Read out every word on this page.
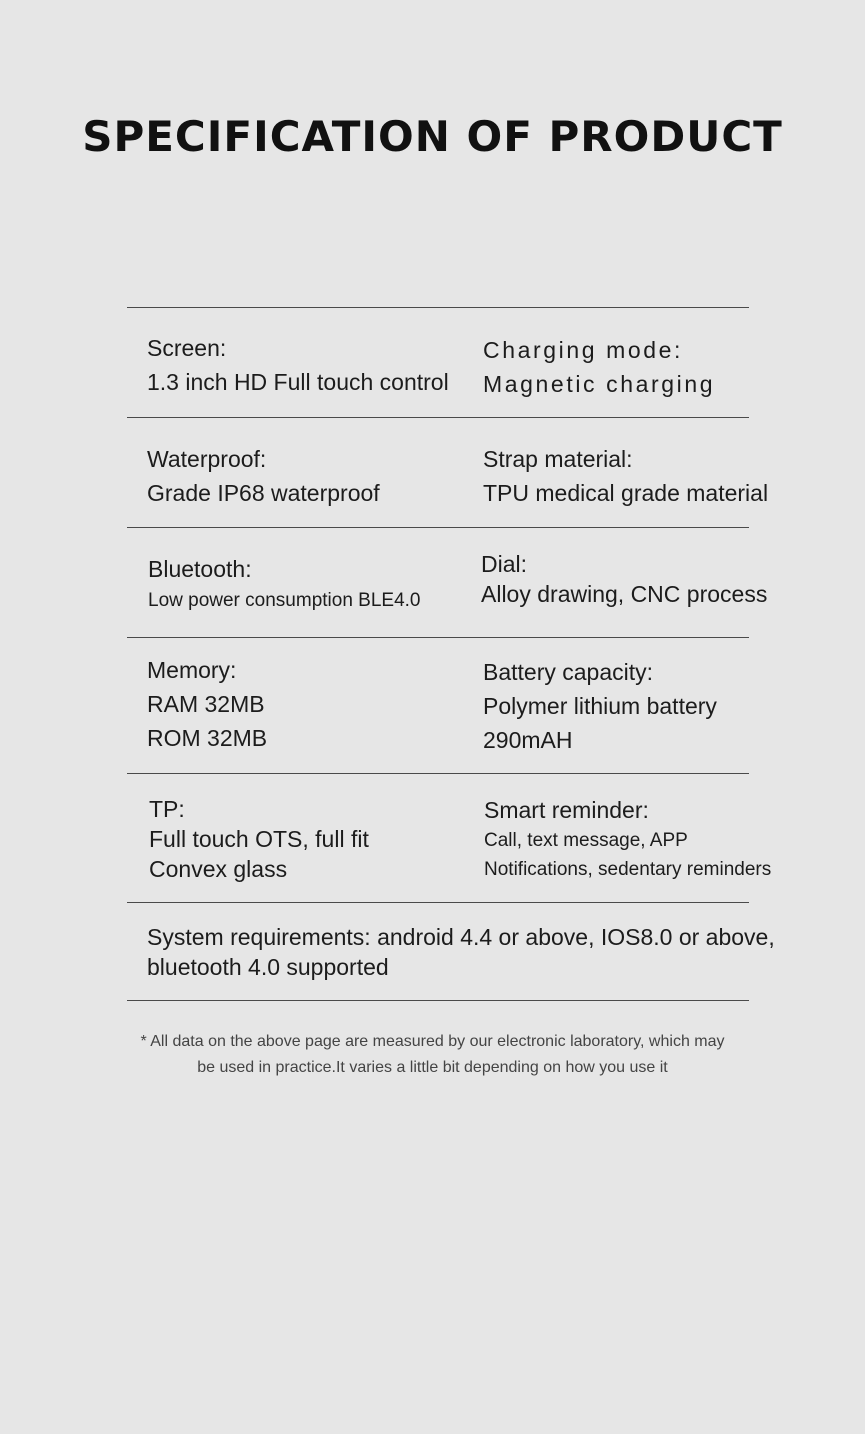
SPECIFICATION OF PRODUCT
Screen:
1.3 inch HD Full touch control
Charging mode:
Magnetic charging
Waterproof:
Grade IP68 waterproof
Strap material:
TPU medical grade material
Bluetooth:
Low power consumption BLE4.0
Dial:
Alloy drawing, CNC process
Memory:
RAM 32MB
ROM 32MB
Battery capacity:
Polymer lithium battery
290mAH
TP:
Full touch OTS, full fit
Convex glass
Smart reminder:
Call, text message, APP
Notifications, sedentary reminders
System requirements: android 4.4 or above, IOS8.0 or above,
bluetooth 4.0 supported
* All data on the above page are measured by our electronic laboratory, which may
be used in practice.It varies a little bit depending on how you use it
